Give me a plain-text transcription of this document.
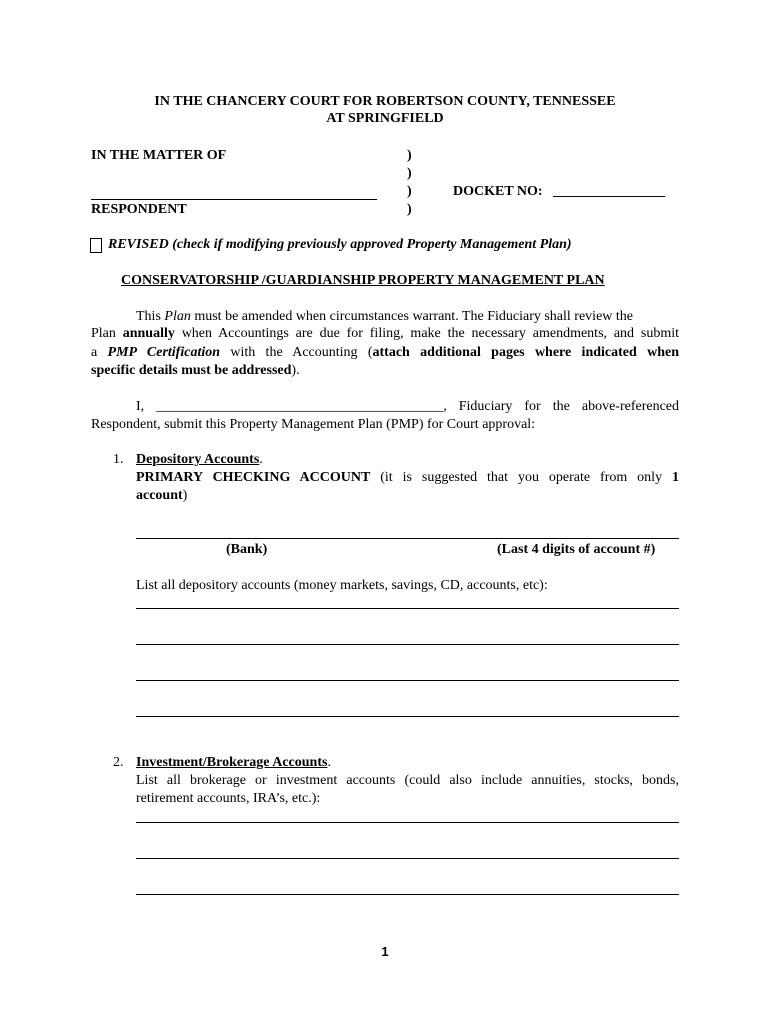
IN THE CHANCERY COURT FOR ROBERTSON COUNTY, TENNESSEE
AT SPRINGFIELD
IN THE MATTER OF	)
)
)
)
RESPONDENT
DOCKET NO: ________________
REVISED (check if modifying previously approved Property Management Plan)
CONSERVATORSHIP /GUARDIANSHIP PROPERTY MANAGEMENT PLAN
This Plan must be amended when circumstances warrant. The Fiduciary shall review the
Plan annually when Accountings are due for filing, make the necessary amendments, and submit
a PMP Certification with the Accounting (attach additional pages where indicated when
specific details must be addressed).
I, _________________________________________, Fiduciary for the above-referenced
Respondent, submit this Property Management Plan (PMP) for Court approval:
1. Depository Accounts.
PRIMARY CHECKING ACCOUNT (it is suggested that you operate from only 1
account)
(Bank)	(Last 4 digits of account #)
List all depository accounts (money markets, savings, CD, accounts, etc):
2. Investment/Brokerage Accounts.
List all brokerage or investment accounts (could also include annuities, stocks, bonds,
retirement accounts, IRA’s, etc.):
1
